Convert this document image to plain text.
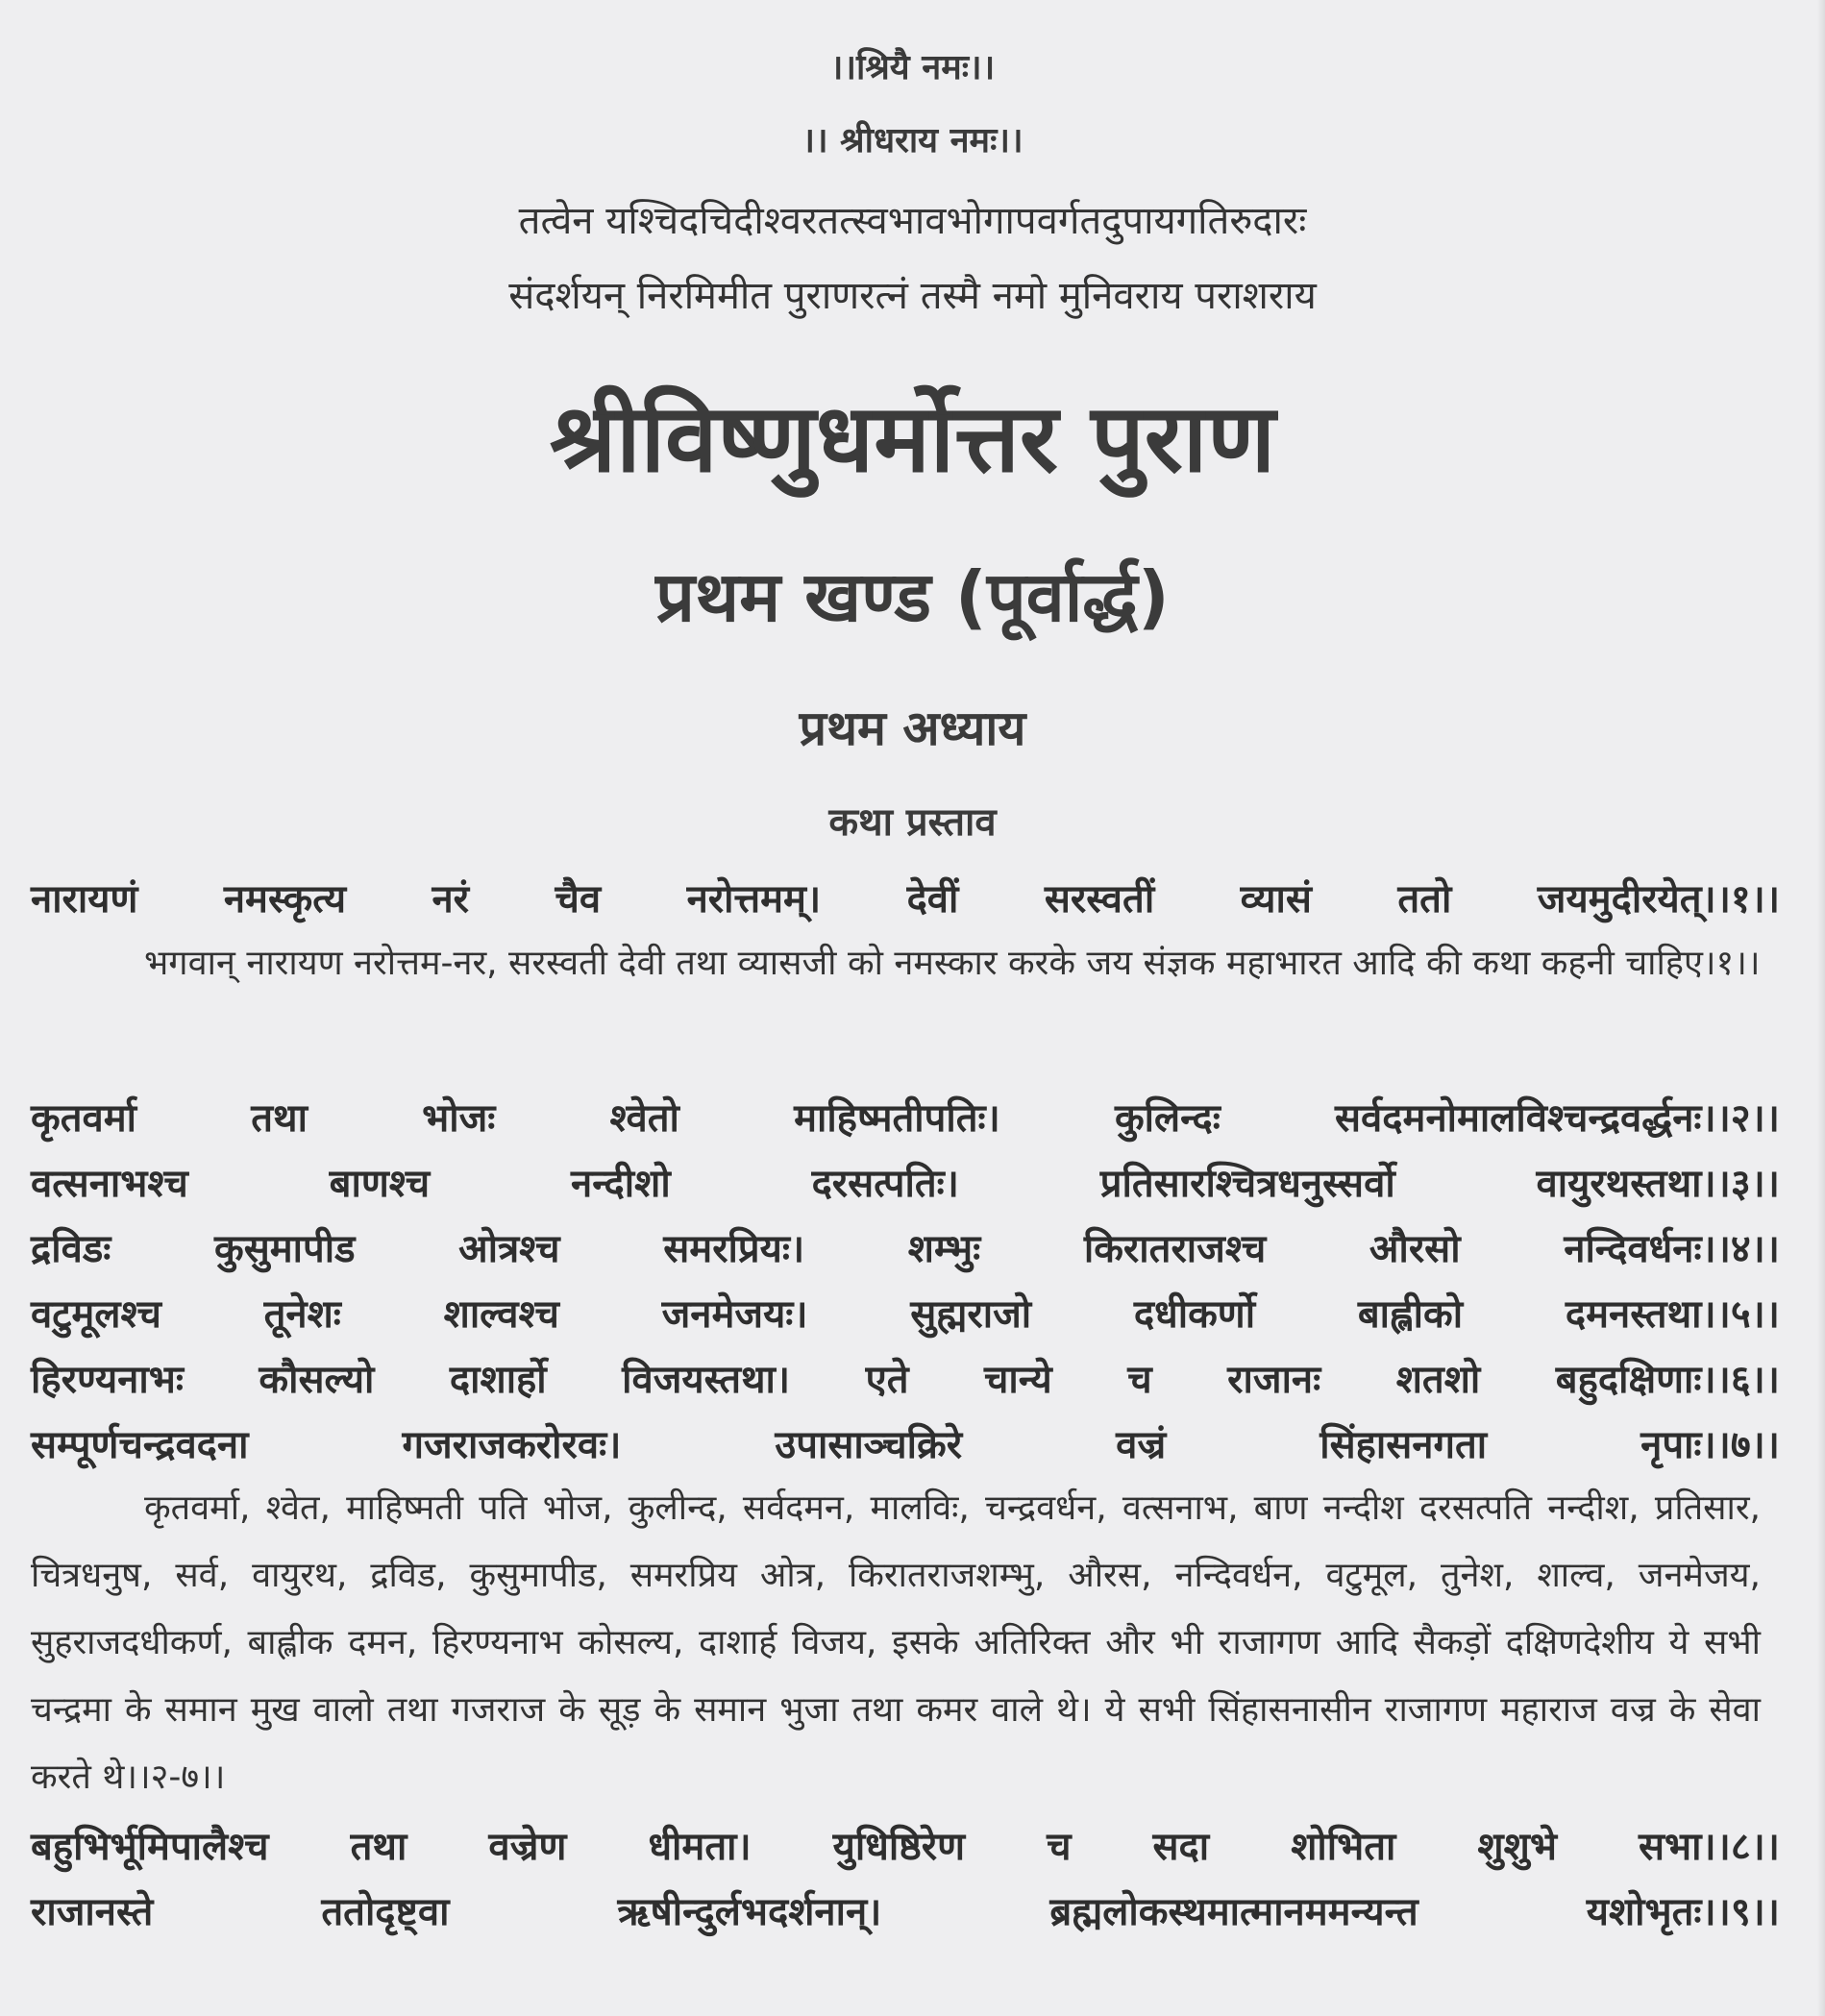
।।श्रियै नमः।।
।। श्रीधराय नमः।।
तत्वेन यश्चिदचिदीश्वरतत्स्वभावभोगापवर्गतदुपायगतिरुदारः
संदर्शयन् निरमिमीत पुराणरत्नं तस्मै नमो मुनिवराय पराशराय
श्रीविष्णुधर्मोत्तर पुराण
प्रथम खण्ड (पूर्वार्द्ध)
प्रथम अध्याय
कथा प्रस्ताव
नारायणं नमस्कृत्य नरं चैव नरोत्तमम्। देवीं सरस्वतीं व्यासं ततो जयमुदीरयेत्।।१।।

भगवान् नारायण नरोत्तम-नर, सरस्वती देवी तथा व्यासजी को नमस्कार करके जय संज्ञक महाभारत आदि की कथा कहनी चाहिए।१।।

कृतवर्मा	तथा	भोजः	श्वेतो	माहिष्मतीपतिः।	कुलिन्दः	सर्वदमनोमालविश्चन्द्रवर्द्धनः।।२।।
वत्सनाभश्च	बाणश्च	नन्दीशो	दरसत्पतिः।	प्रतिसारश्चित्रधनुस्सर्वो	वायुरथस्तथा।।३।।
द्रविडः	कुसुमापीड	ओत्रश्च	समरप्रियः।	शम्भुः	किरातराजश्च	औरसो	नन्दिवर्धनः।।४।।
वटुमूलश्च	तूनेशः	शाल्वश्च	जनमेजयः।	सुह्मराजो	दधीकर्णो	बाह्लीको	दमनस्तथा।।५।।
हिरण्यनाभः कौसल्यो दाशार्हो विजयस्तथा। एते चान्ये च राजानः शतशो बहुदक्षिणाः।।६।।
सम्पूर्णचन्द्रवदना	गजराजकरोरवः।	उपासाञ्चक्रिरे	वज्रं	सिंहासनगता	नृपाः।।७।।

कृतवर्मा, श्वेत, माहिष्मती पति भोज, कुलीन्द, सर्वदमन, मालविः, चन्द्रवर्धन, वत्सनाभ, बाण नन्दीश दरसत्पति नन्दीश, प्रतिसार, चित्रधनुष, सर्व, वायुरथ, द्रविड, कुसुमापीड, समरप्रिय ओत्र, किरातराजशम्भु, औरस, नन्दिवर्धन, वटुमूल, तुनेश, शाल्व, जनमेजय, सुहराजदधीकर्ण, बाह्लीक दमन, हिरण्यनाभ कोसल्य, दाशार्ह विजय, इसके अतिरिक्त और भी राजागण आदि सैकड़ों दक्षिणदेशीय ये सभी चन्द्रमा के समान मुख वालो तथा गजराज के सूड़ के समान भुजा तथा कमर वाले थे। ये सभी सिंहासनासीन राजागण महाराज वज्र के सेवा करते थे।।२-७।।

बहुभिर्भूमिपालैश्च तथा वज्रेण धीमता। युधिष्ठिरेण च सदा शोभिता शुशुभे सभा।।८।।
राजानस्ते	ततोदृष्ट्वा	ऋषीन्दुर्लभदर्शनान्।	ब्रह्मलोकस्थमात्मानममन्यन्त	यशोभृतः।।९।।
